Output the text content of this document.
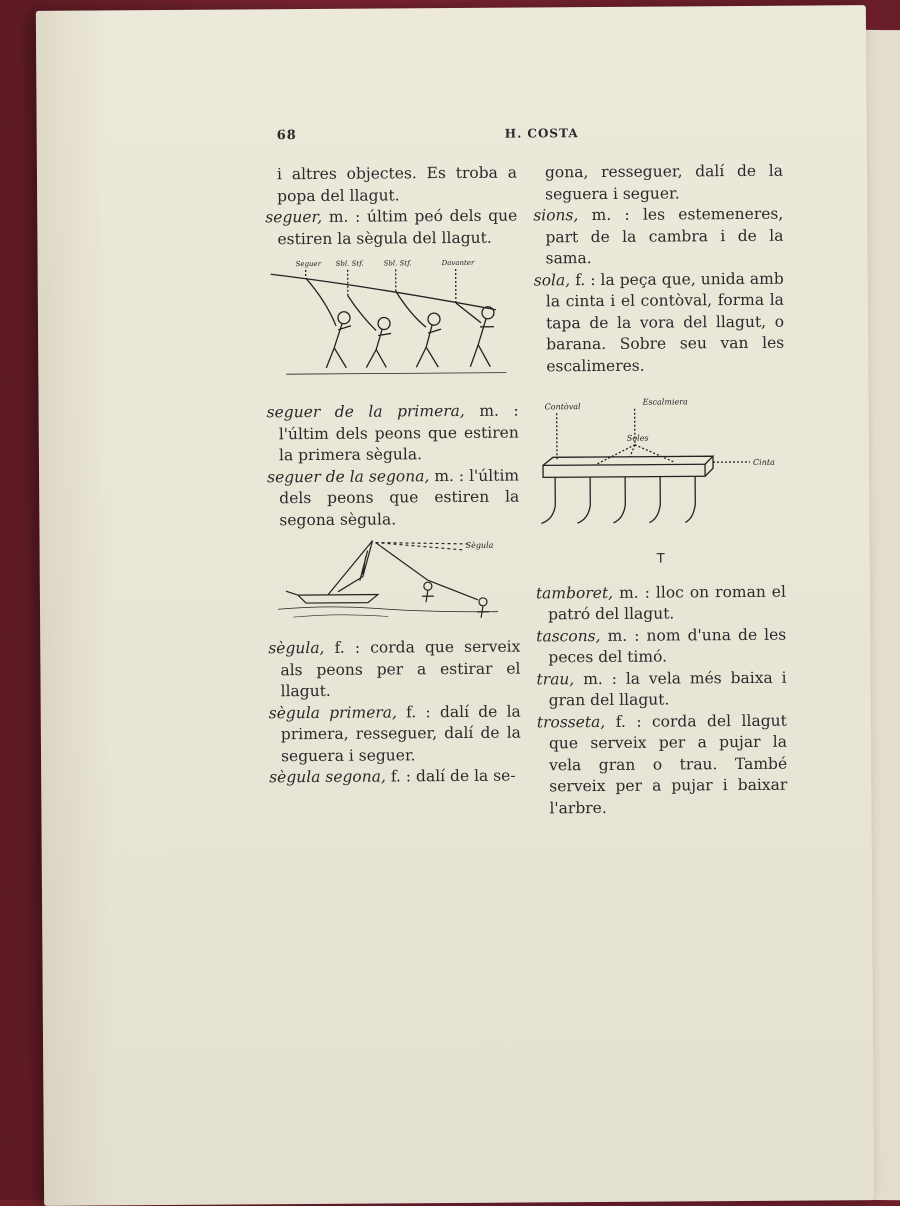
68	H. COSTA

i altres objectes. Es troba a popa del llagut.

seguer, m. : últim peó dels que estiren la sègula del llagut.

Seguer Sbl. Stf.	Sbl. Stf.	Davanter

seguer de la primera, m. : l'últim dels peons que estiren la primera sègula.

seguer de la segona, m. : l'últim dels peons que estiren la segona sègula.

Sègula

sègula, f. : corda que serveix als peons per a estirar el llagut.

sègula primera, f. : dalí de la primera, resseguer, dalí de la seguera i seguer.

sègula segona, f. : dalí de la se-

gona, resseguer, dalí de la seguera i seguer.

sions, m. : les estemeneres, part de la cambra i de la sama.

sola, f. : la peça que, unida amb la cinta i el contòval, forma la tapa de la vora del llagut, o barana. Sobre seu van les escalimeres.

Contòval
Escalmiera
Soles
Cinta
T

tamboret, m. : lloc on roman el patró del llagut.

tascons, m. : nom d'una de les peces del timó.

trau, m. : la vela més baixa i gran del llagut.

trosseta, f. : corda del llagut que serveix per a pujar la vela gran o trau. També serveix per a pujar i baixar l'arbre.
